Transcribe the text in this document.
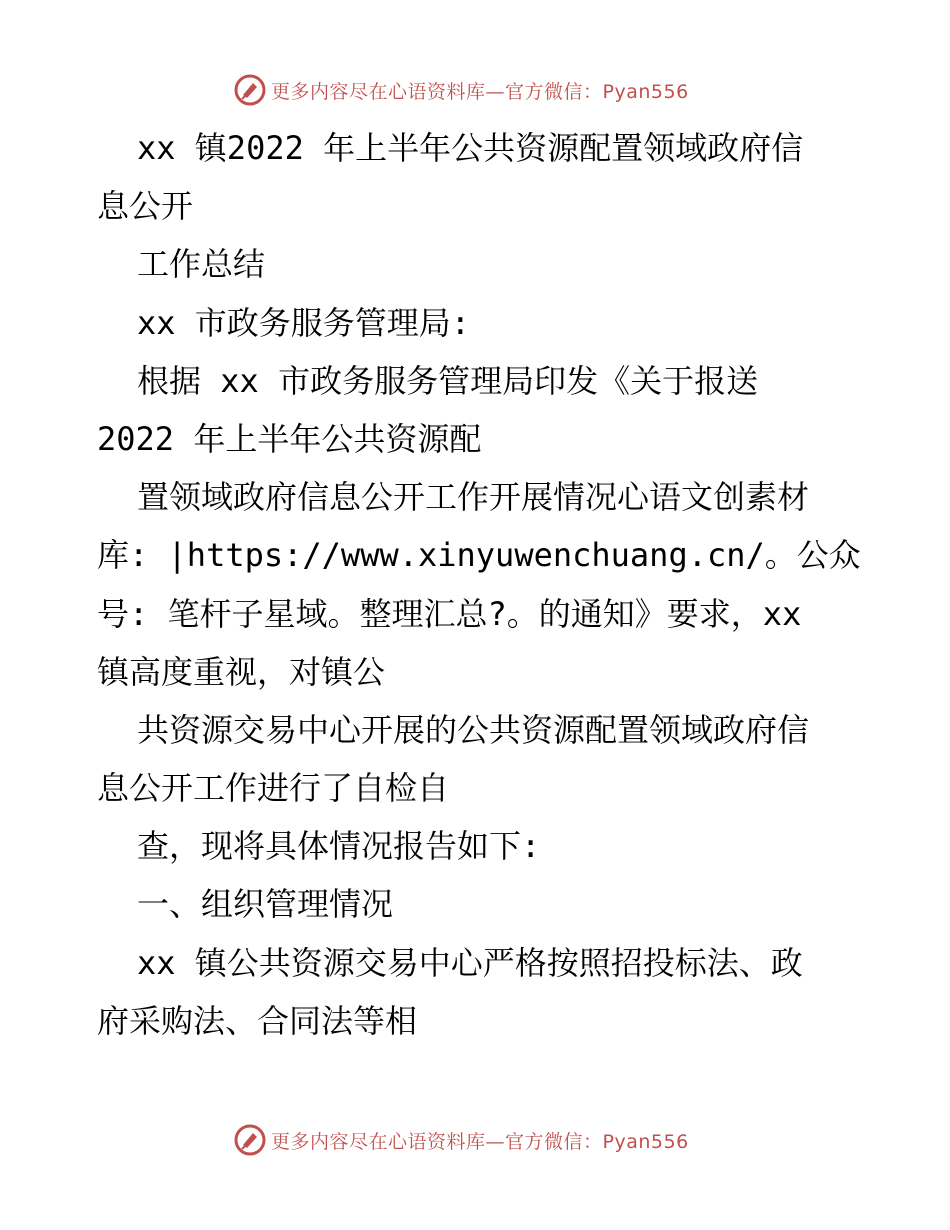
更多内容尽在心语资料库—官方微信：Pyan556
xx 镇2022 年上半年公共资源配置领域政府信
息公开
工作总结
xx 市政务服务管理局:
根据 xx 市政务服务管理局印发《关于报送
2022 年上半年公共资源配
置领域政府信息公开工作开展情况心语文创素材
库: |https://www.xinyuwenchuang.cn/。公众
号: 笔杆子星域。整理汇总?。的通知》要求，xx
镇高度重视，对镇公
共资源交易中心开展的公共资源配置领域政府信
息公开工作进行了自检自
查，现将具体情况报告如下:
一、组织管理情况
xx 镇公共资源交易中心严格按照招投标法、政
府采购法、合同法等相
更多内容尽在心语资料库—官方微信：Pyan556
